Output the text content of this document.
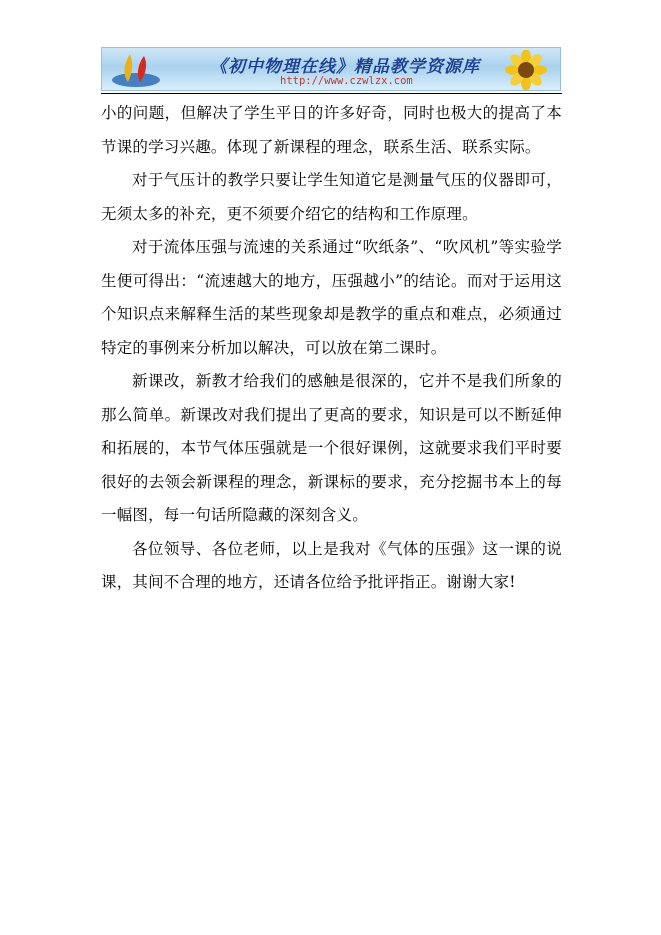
《初中物理在线》精品教学资源库
http://www.czwlzx.com

小的问题，但解决了学生平日的许多好奇，同时也极大的提高了本节课的学习兴趣。体现了新课程的理念，联系生活、联系实际。

对于气压计的教学只要让学生知道它是测量气压的仪器即可，无须太多的补充，更不须要介绍它的结构和工作原理。

对于流体压强与流速的关系通过“吹纸条”、“吹风机”等实验学生便可得出：“流速越大的地方，压强越小”的结论。而对于运用这个知识点来解释生活的某些现象却是教学的重点和难点，必须通过特定的事例来分析加以解决，可以放在第二课时。

新课改，新教才给我们的感触是很深的，它并不是我们所象的那么简单。新课改对我们提出了更高的要求，知识是可以不断延伸和拓展的，本节气体压强就是一个很好课例，这就要求我们平时要很好的去领会新课程的理念，新课标的要求，充分挖掘书本上的每一幅图，每一句话所隐藏的深刻含义。

各位领导、各位老师，以上是我对《气体的压强》这一课的说课，其间不合理的地方，还请各位给予批评指正。谢谢大家!
